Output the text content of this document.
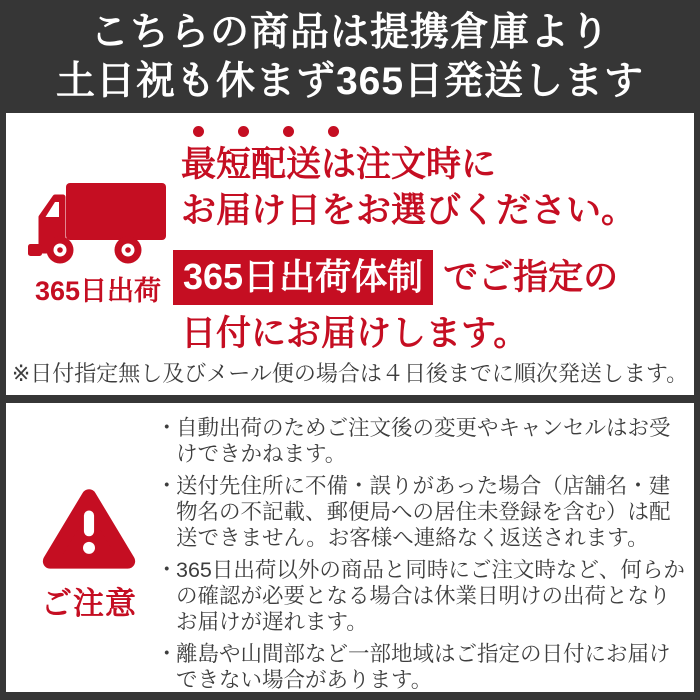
こちらの商品は提携倉庫より
土日祝も休まず365日発送します
365日出荷
最短配送は注文時に
お届け日をお選びください。
365日出荷体制 でご指定の
日付にお届けします。
※日付指定無し及びメール便の場合は４日後までに順次発送します。
ご注意
・
自動出荷のためご注文後の変更やキャンセルはお受けできかねます。
・
送付先住所に不備・誤りがあった場合（店舗名・建物名の不記載、郵便局への居住未登録を含む）は配送できません。お客様へ連絡なく返送されます。
・
365日出荷以外の商品と同時にご注文時など、何らかの確認が必要となる場合は休業日明けの出荷となりお届けが遅れます。
・
離島や山間部など一部地域はご指定の日付にお届けできない場合があります。
